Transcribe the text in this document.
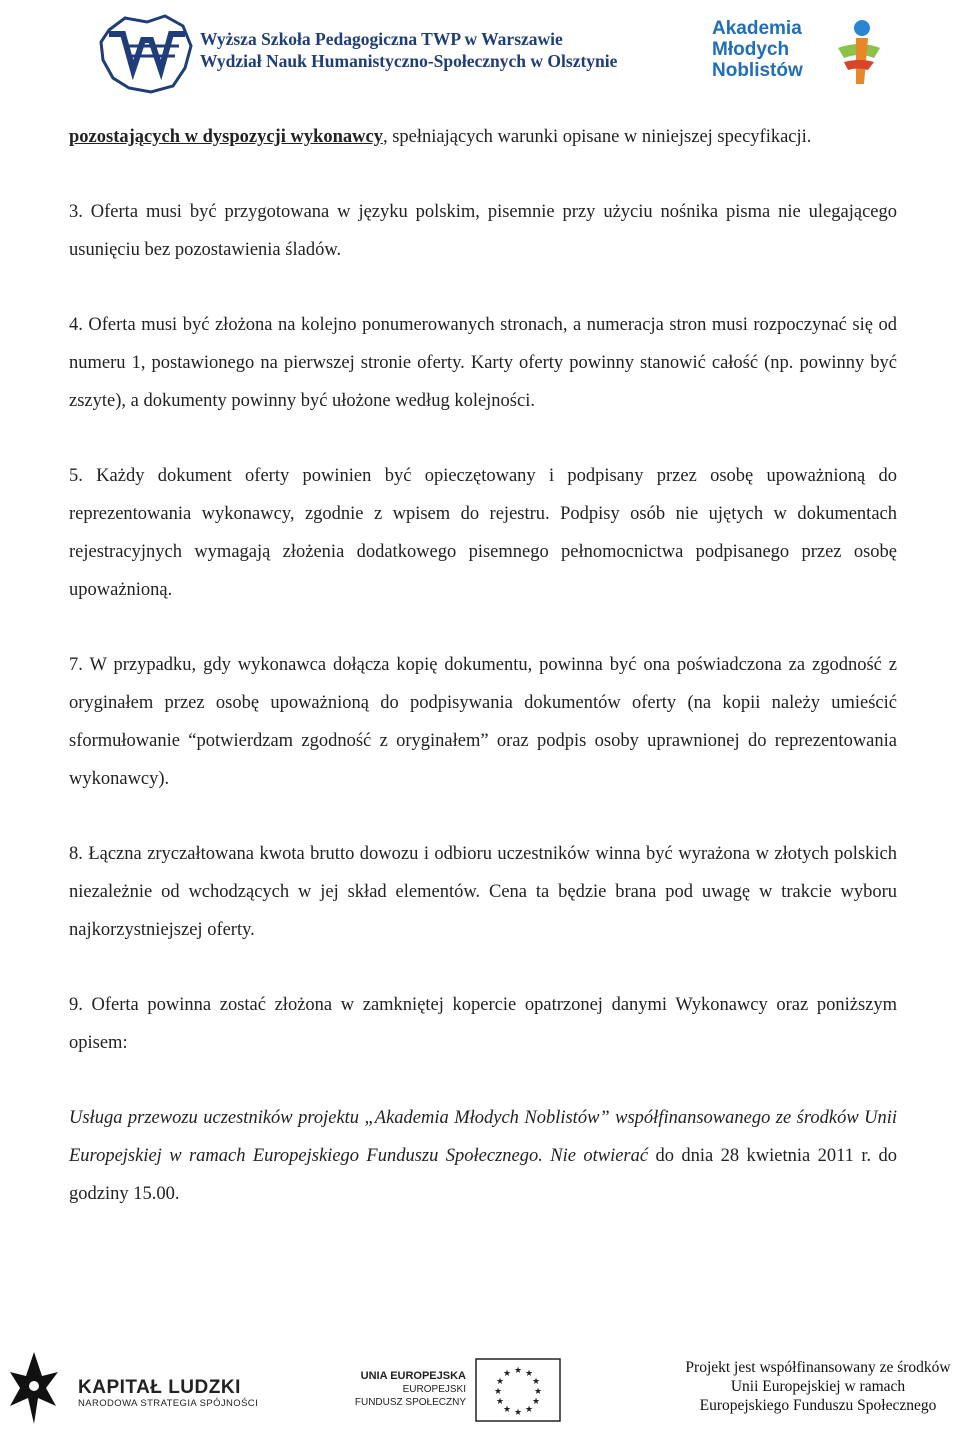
Wyższa Szkoła Pedagogiczna TWP w Warszawie
Wydział Nauk Humanistyczno-Społecznych w Olsztynie
Akademia
Młodych
Noblistów

pozostających w dyspozycji wykonawcy, spełniających warunki opisane w niniejszej specyfikacji.

3. Oferta musi być przygotowana w języku polskim, pisemnie przy użyciu nośnika pisma nie ulegającego usunięciu bez pozostawienia śladów.

4. Oferta musi być złożona na kolejno ponumerowanych stronach, a numeracja stron musi rozpoczynać się od numeru 1, postawionego na pierwszej stronie oferty. Karty oferty powinny stanowić całość (np. powinny być zszyte), a dokumenty powinny być ułożone według kolejności.

5. Każdy dokument oferty powinien być opieczętowany i podpisany przez osobę upoważnioną do reprezentowania wykonawcy, zgodnie z wpisem do rejestru. Podpisy osób nie ujętych w dokumentach rejestracyjnych wymagają złożenia dodatkowego pisemnego pełnomocnictwa podpisanego przez osobę upoważnioną.

7. W przypadku, gdy wykonawca dołącza kopię dokumentu, powinna być ona poświadczona za zgodność z oryginałem przez osobę upoważnioną do podpisywania dokumentów oferty (na kopii należy umieścić sformułowanie “potwierdzam zgodność z oryginałem” oraz podpis osoby uprawnionej do reprezentowania wykonawcy).

8. Łączna zryczałtowana kwota brutto dowozu i odbioru uczestników winna być wyrażona w złotych polskich niezależnie od wchodzących w jej skład elementów. Cena ta będzie brana pod uwagę w trakcie wyboru najkorzystniejszej oferty.

9. Oferta powinna zostać złożona w zamkniętej kopercie opatrzonej danymi Wykonawcy oraz poniższym opisem:

Usługa przewozu uczestników projektu „Akademia Młodych Noblistów” współfinansowanego ze środków Unii Europejskiej w ramach Europejskiego Funduszu Społecznego. Nie otwierać do dnia 28 kwietnia 2011 r. do godziny 15.00.

KAPITAŁ LUDZKI
NARODOWA STRATEGIA SPÓJNOŚCI
UNIA EUROPEJSKA
EUROPEJSKI
FUNDUSZ SPOŁECZNY
★ ★
★
★
★
★
★
★
★
★
★
★	Projekt jest współfinansowany ze środków
Unii Europejskiej w ramach
Europejskiego Funduszu Społecznego
